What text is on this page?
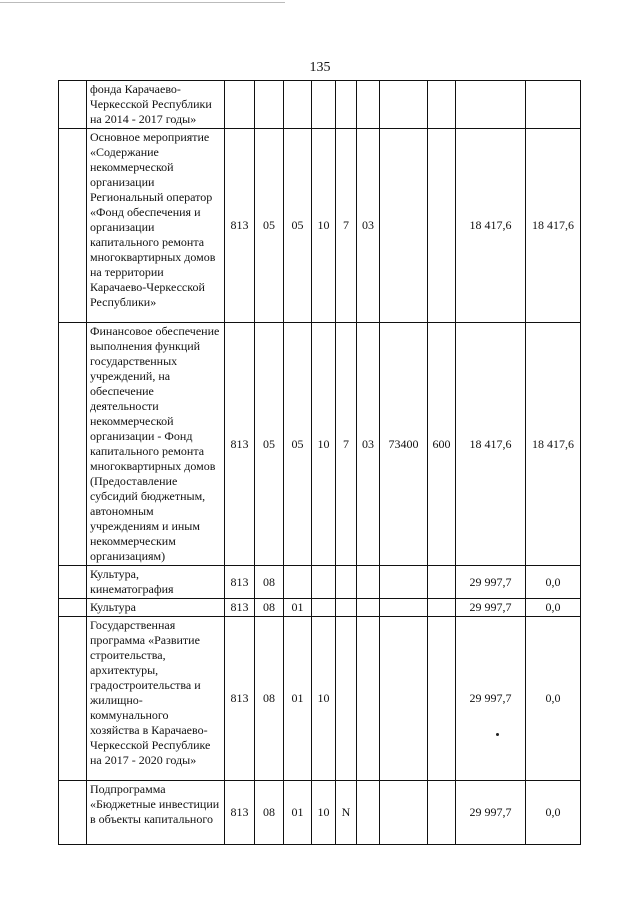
135
	фонда Карачаево-Черкесской Республики на 2014 - 2017 годы»										
	Основное мероприятие «Содержание некоммерческой организации Региональный оператор «Фонд обеспечения и организации капитального ремонта многоквартирных домов на территории Карачаево-Черкесской Республики»	813	05	05	10	7	03			18 417,6	18 417,6
	Финансовое обеспечение выполнения функций государственных учреждений, на обеспечение деятельности некоммерческой организации - Фонд капитального ремонта многоквартирных домов (Предоставление субсидий бюджетным, автономным учреждениям и иным некоммерческим организациям)	813	05	05	10	7	03	73400	600	18 417,6	18 417,6
	Культура, кинематография	813	08							29 997,7	0,0
	Культура	813	08	01						29 997,7	0,0
	Государственная программа «Развитие строительства, архитектуры, градостроительства и жилищно-коммунального хозяйства в Карачаево-Черкесской Республике на 2017 - 2020 годы»	813	08	01	10					29 997,7	0,0
	Подпрограмма «Бюджетные инвестиции в объекты капитального	813	08	01	10	N				29 997,7	0,0
